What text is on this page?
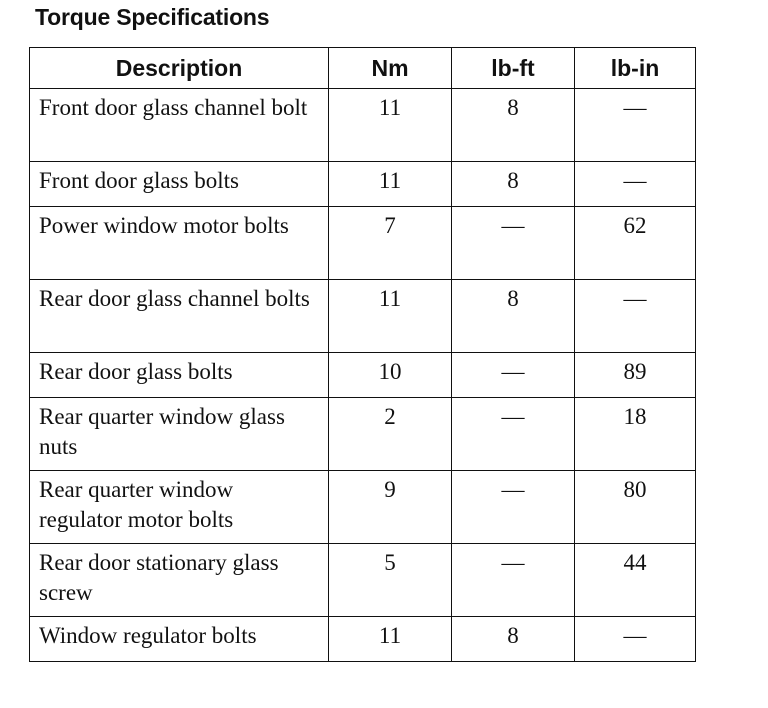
Torque Specifications
Description	Nm	lb-ft	lb-in
Front door glass channel bolt	11	8	—
Front door glass bolts	11	8	—
Power window motor bolts	7	—	62
Rear door glass channel bolts	11	8	—
Rear door glass bolts	10	—	89
Rear quarter window glass nuts	2	—	18
Rear quarter window regulator motor bolts	9	—	80
Rear door stationary glass screw	5	—	44
Window regulator bolts	11	8	—
